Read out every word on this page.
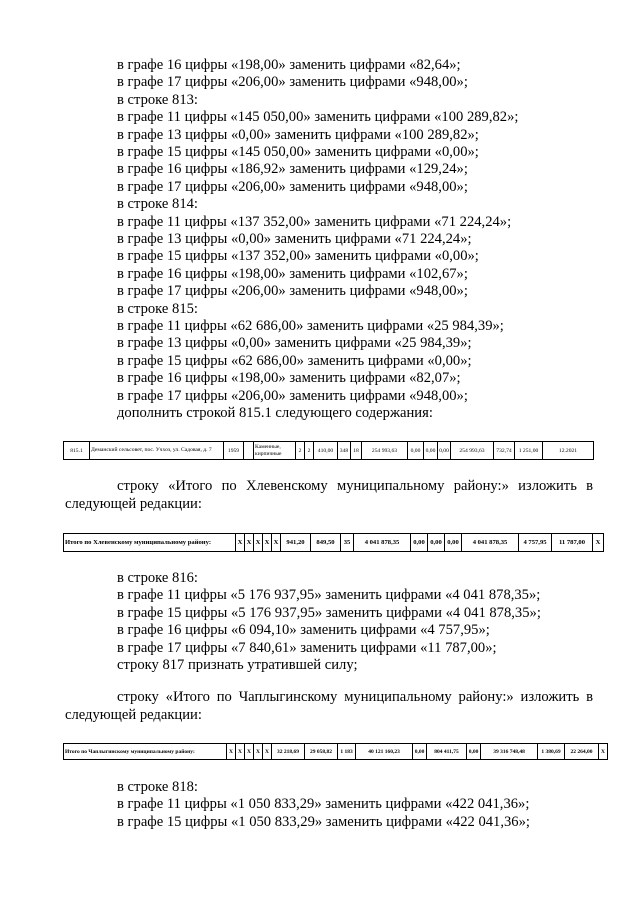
в графе 16 цифры «198,00» заменить цифрами «82,64»;
в графе 17 цифры «206,00» заменить цифрами «948,00»;
в строке 813:
в графе 11 цифры «145 050,00» заменить цифрами «100 289,82»;
в графе 13 цифры «0,00» заменить цифрами «100 289,82»;
в графе 15 цифры «145 050,00» заменить цифрами «0,00»;
в графе 16 цифры «186,92» заменить цифрами «129,24»;
в графе 17 цифры «206,00» заменить цифрами «948,00»;
в строке 814:
в графе 11 цифры «137 352,00» заменить цифрами «71 224,24»;
в графе 13 цифры «0,00» заменить цифрами «71 224,24»;
в графе 15 цифры «137 352,00» заменить цифрами «0,00»;
в графе 16 цифры «198,00» заменить цифрами «102,67»;
в графе 17 цифры «206,00» заменить цифрами «948,00»;
в строке 815:
в графе 11 цифры «62 686,00» заменить цифрами «25 984,39»;
в графе 13 цифры «0,00» заменить цифрами «25 984,39»;
в графе 15 цифры «62 686,00» заменить цифрами «0,00»;
в графе 16 цифры «198,00» заменить цифрами «82,07»;
в графе 17 цифры «206,00» заменить цифрами «948,00»;
дополнить строкой 815.1 следующего содержания:
815.1	Деманский сельсовет, пос. Учхоз, ул. Садовая, д. 7	1959		Каменные, кирпичные	2	2	410,00	348	18	254 993,63	0,00	0,00	0,00	254 993,63	732,74	1 251,00	12.2021
строку «Итого по Хлевенскому муниципальному району:» изложить в следующей редакции:
Итого по Хлевенскому муниципальному району:	X	X	X	X	X	941,20	849,50	35	4 041 878,35	0,00	0,00	0,00	4 041 878,35	4 757,95	11 787,00	X
в строке 816:
в графе 11 цифры «5 176 937,95» заменить цифрами «4 041 878,35»;
в графе 15 цифры «5 176 937,95» заменить цифрами «4 041 878,35»;
в графе 16 цифры «6 094,10» заменить цифрами «4 757,95»;
в графе 17 цифры «7 840,61» заменить цифрами «11 787,00»;
строку 817 признать утратившей силу;
строку «Итого по Чаплыгинскому муниципальному району:» изложить в следующей редакции:
Итого по Чаплыгинскому муниципальному району:	X	X	X	X	X	32 218,69	29 058,82	1 183	40 121 160,23	0,00	804 411,75	0,00	39 316 748,48	1 380,69	22 264,00	X
в строке 818:
в графе 11 цифры «1 050 833,29» заменить цифрами «422 041,36»;
в графе 15 цифры «1 050 833,29» заменить цифрами «422 041,36»;
